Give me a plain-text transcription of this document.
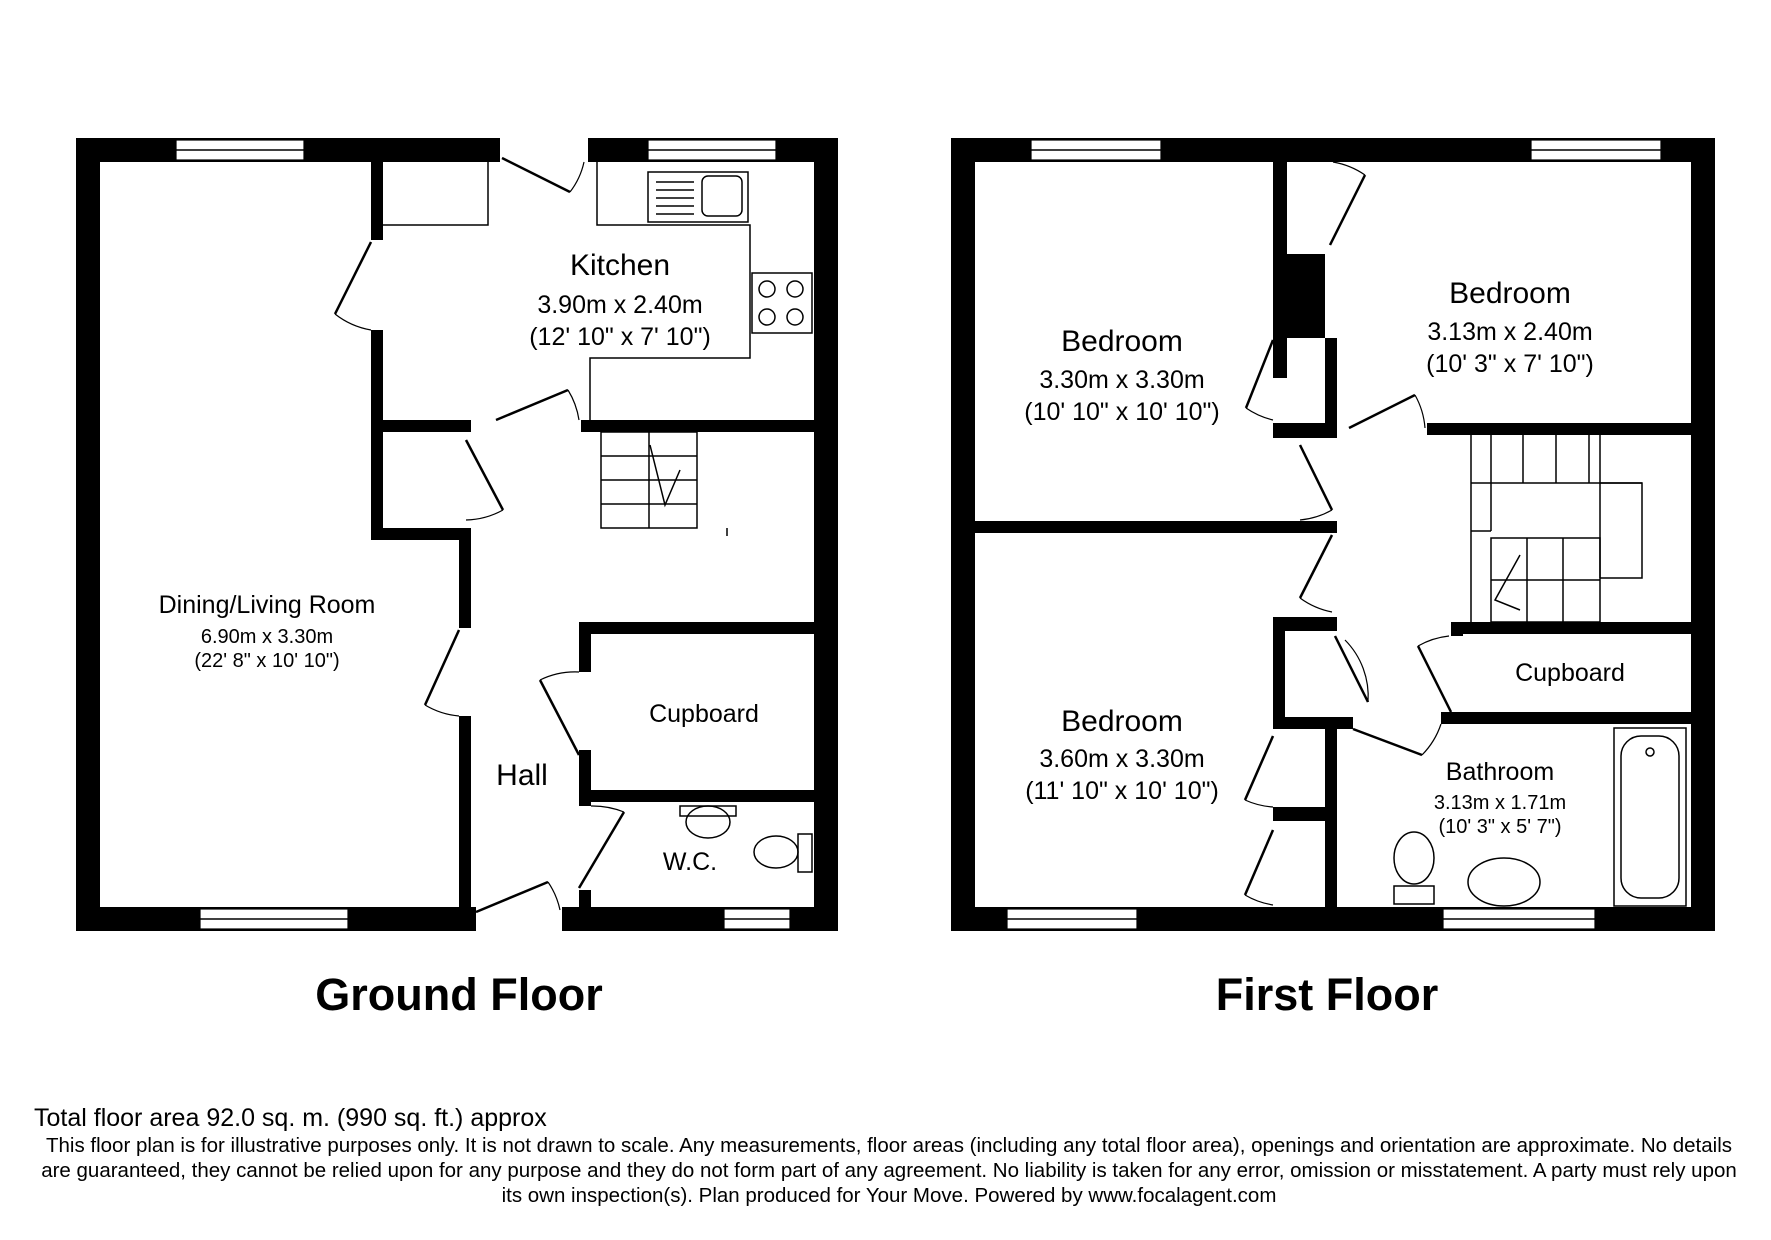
Kitchen
3.90m x 2.40m
(12' 10" x 7' 10")
Dining/Living Room
6.90m x 3.30m
(22' 8" x 10' 10")
Cupboard
Hall
W.C.
Ground Floor
Bedroom
3.30m x 3.30m
(10' 10" x 10' 10")
Bedroom
3.13m x 2.40m
(10' 3" x 7' 10")
Bedroom
3.60m x 3.30m
(11' 10" x 10' 10")
Cupboard
Bathroom
3.13m x 1.71m
(10' 3" x 5' 7")
First Floor

Total floor area 92.0 sq. m. (990 sq. ft.) approx

This floor plan is for illustrative purposes only. It is not drawn to scale. Any measurements, floor areas (including any total floor area), openings and orientation are approximate. No details are guaranteed, they cannot be relied upon for any purpose and they do not form part of any agreement. No liability is taken for any error, omission or misstatement. A party must rely upon its own inspection(s). Plan produced for Your Move. Powered by www.focalagent.com
